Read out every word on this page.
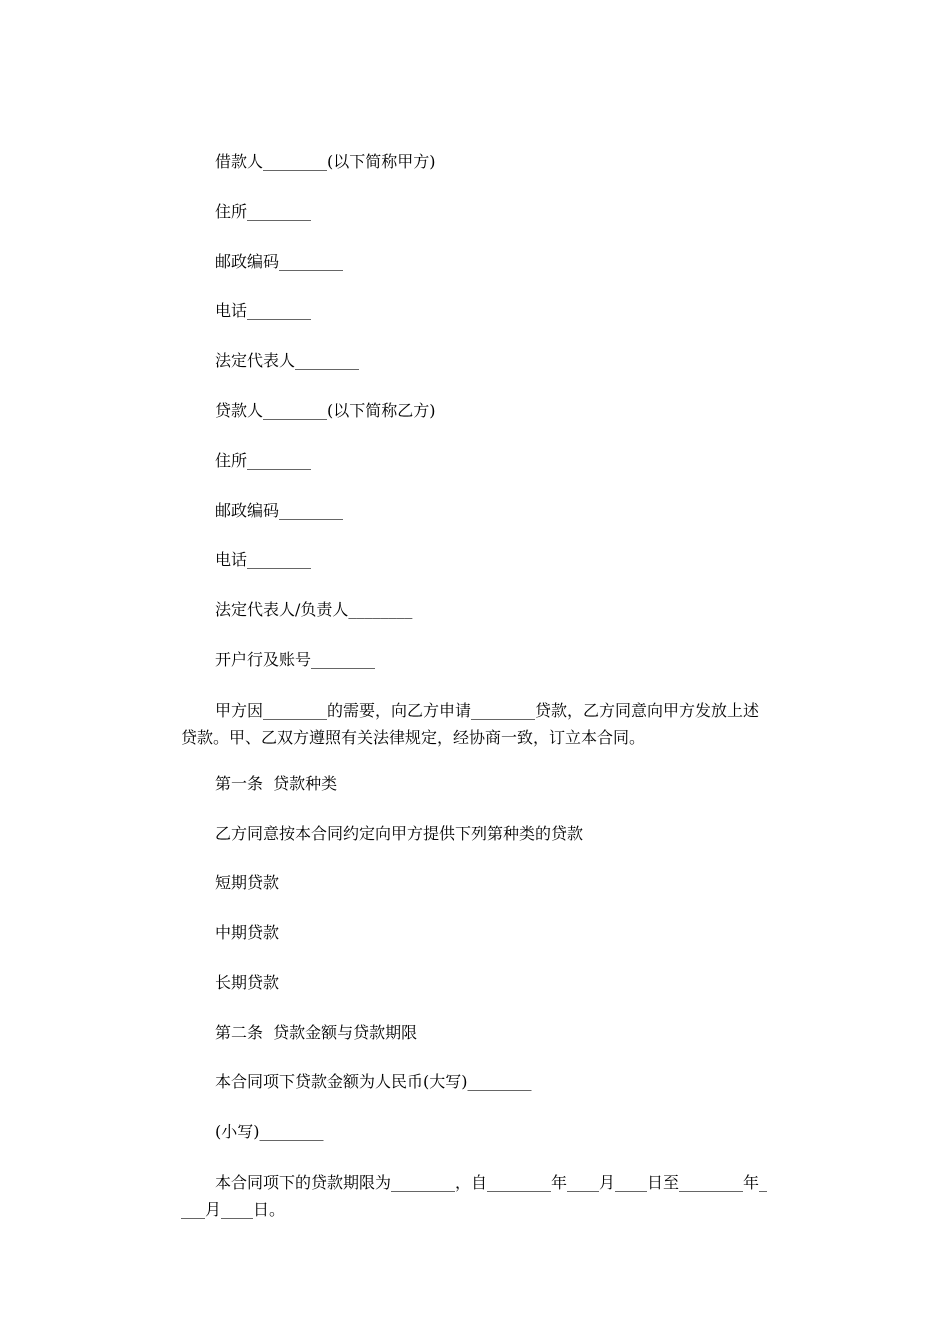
借款人________(以下简称甲方)
住所________
邮政编码________
电话________
法定代表人________
贷款人________(以下简称乙方)
住所________
邮政编码________
电话________
法定代表人/负责人________
开户行及账号________
甲方因________的需要，向乙方申请________贷款，乙方同意向甲方发放上述贷款。甲、乙双方遵照有关法律规定，经协商一致，订立本合同。
第一条  贷款种类
乙方同意按本合同约定向甲方提供下列第种类的贷款
短期贷款
中期贷款
长期贷款
第二条  贷款金额与贷款期限
本合同项下贷款金额为人民币(大写)________
(小写)________
本合同项下的贷款期限为________，自________年____月____日至________年____月____日。
